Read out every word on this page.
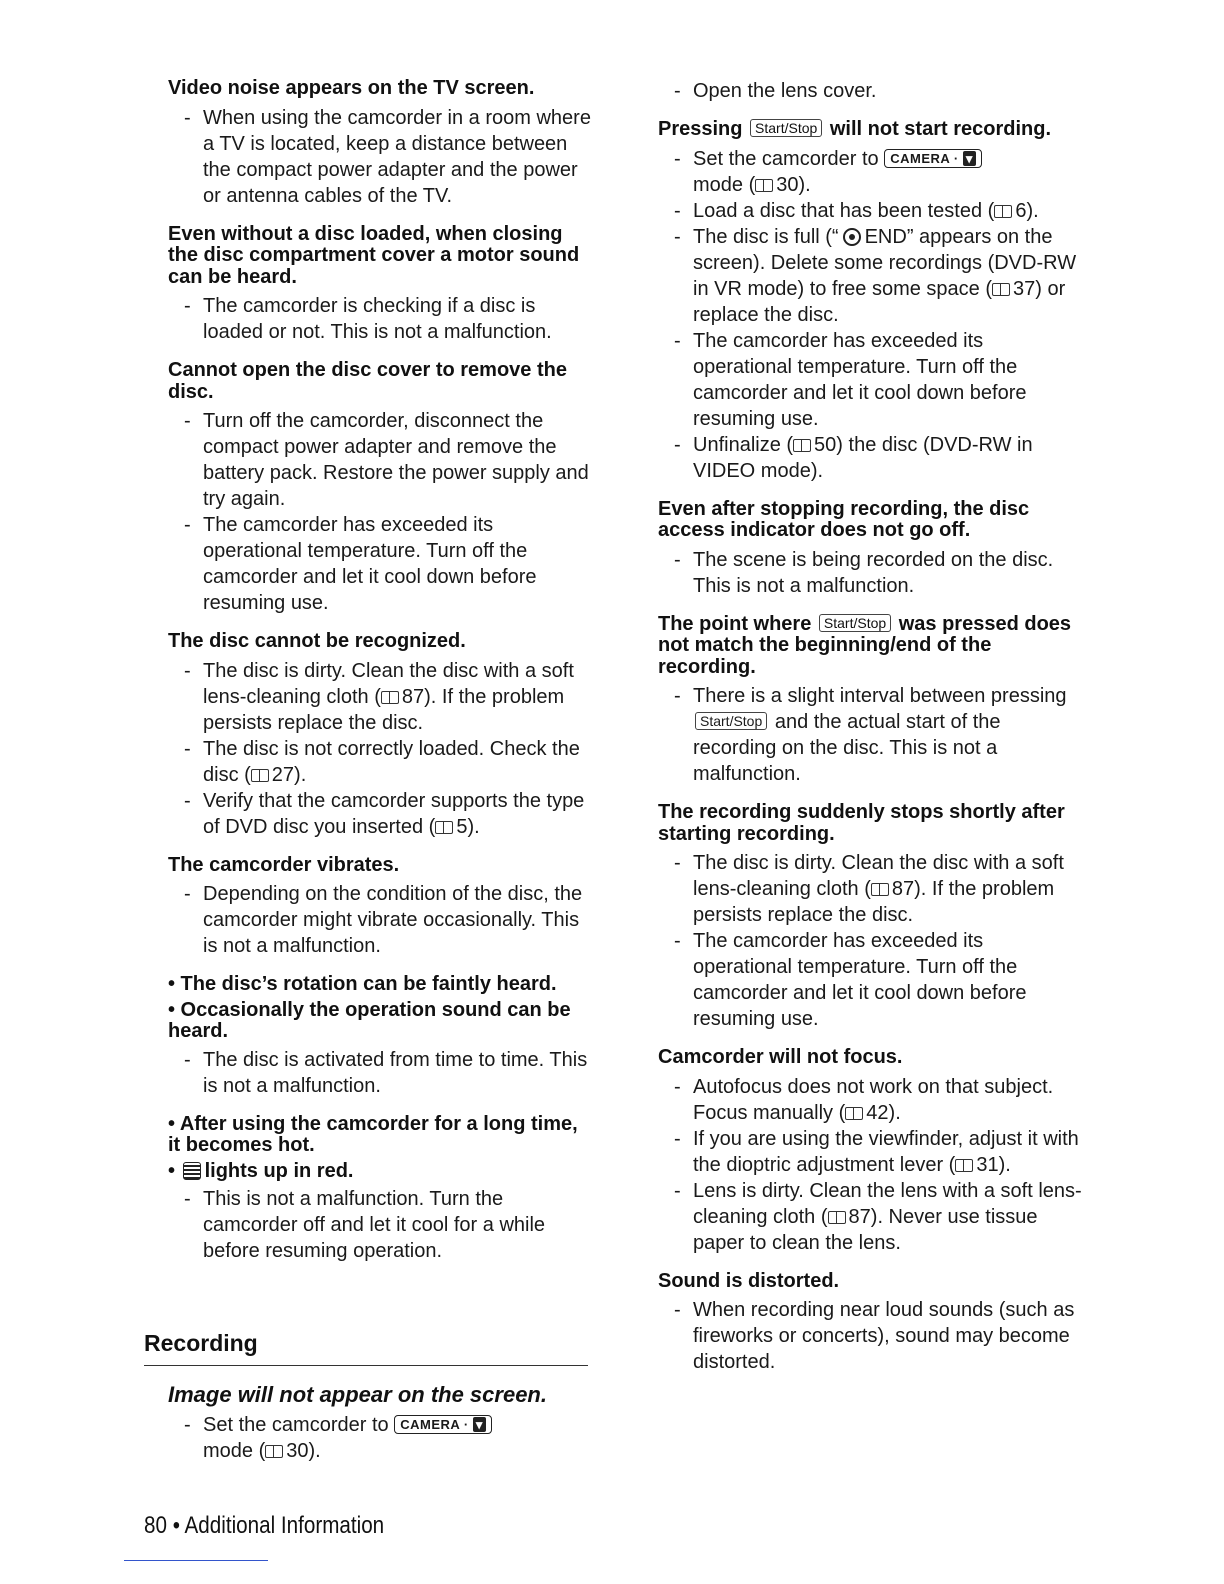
Video noise appears on the TV screen.
- When using the camcorder in a room where a TV is located, keep a distance between the compact power adapter and the power or antenna cables of the TV.
Even without a disc loaded, when closing the disc compartment cover a motor sound can be heard.
- The camcorder is checking if a disc is loaded or not. This is not a malfunction.
Cannot open the disc cover to remove the disc.
- Turn off the camcorder, disconnect the compact power adapter and remove the battery pack. Restore the power supply and try again.
- The camcorder has exceeded its operational temperature. Turn off the camcorder and let it cool down before resuming use.
The disc cannot be recognized.
- The disc is dirty. Clean the disc with a soft lens-cleaning cloth ( 87). If the problem persists replace the disc.
- The disc is not correctly loaded. Check the disc ( 27).
- Verify that the camcorder supports the type of DVD disc you inserted ( 5).
The camcorder vibrates.
- Depending on the condition of the disc, the camcorder might vibrate occasionally. This is not a malfunction.
• The disc’s rotation can be faintly heard.
• Occasionally the operation sound can be heard.
- The disc is activated from time to time. This is not a malfunction.
• After using the camcorder for a long time, it becomes hot.
• lights up in red.
- This is not a malfunction. Turn the camcorder off and let it cool for a while before resuming operation.
Recording
Image will not appear on the screen.
- Set the camcorder to CAMERA · ▾
mode ( 30).
- Open the lens cover.
Pressing Start/Stop will not start recording.
- Set the camcorder to CAMERA · ▾
mode ( 30).
- Load a disc that has been tested ( 6).
- The disc is full (“ END” appears on the screen). Delete some recordings (DVD-RW in VR mode) to free some space ( 37) or replace the disc.
- The camcorder has exceeded its operational temperature. Turn off the camcorder and let it cool down before resuming use.
- Unfinalize ( 50) the disc (DVD-RW in VIDEO mode).
Even after stopping recording, the disc access indicator does not go off.
- The scene is being recorded on the disc. This is not a malfunction.
The point where Start/Stop was pressed does not match the beginning/end of the recording.
- There is a slight interval between pressing Start/Stop and the actual start of the recording on the disc. This is not a malfunction.
The recording suddenly stops shortly after starting recording.
- The disc is dirty. Clean the disc with a soft lens-cleaning cloth ( 87). If the problem persists replace the disc.
- The camcorder has exceeded its operational temperature. Turn off the camcorder and let it cool down before resuming use.
Camcorder will not focus.
- Autofocus does not work on that subject. Focus manually ( 42).
- If you are using the viewfinder, adjust it with the dioptric adjustment lever ( 31).
- Lens is dirty. Clean the lens with a soft lens-cleaning cloth ( 87). Never use tissue paper to clean the lens.
Sound is distorted.
- When recording near loud sounds (such as fireworks or concerts), sound may become distorted.
80 • Additional Information
